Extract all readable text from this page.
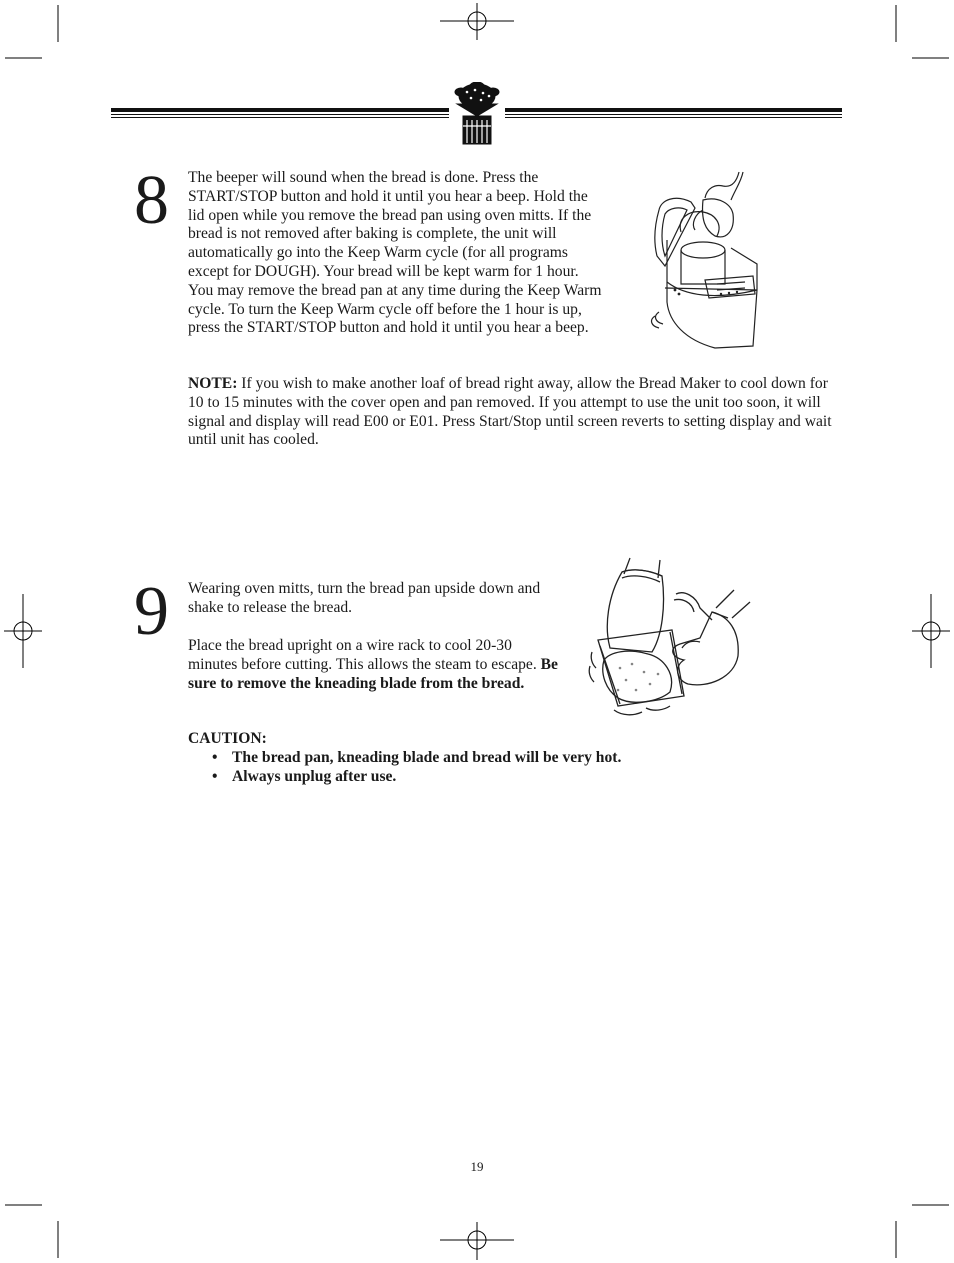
8 The beeper will sound when the bread is done. Press the START/STOP button and hold it until you hear a beep. Hold the lid open while you remove the bread pan using oven mitts. If the bread is not removed after baking is complete, the unit will automatically go into the Keep Warm cycle (for all programs except for DOUGH). Your bread will be kept warm for 1 hour. You may remove the bread pan at any time during the Keep Warm cycle. To turn the Keep Warm cycle off before the 1 hour is up, press the START/STOP button and hold it until you hear a beep.

NOTE: If you wish to make another loaf of bread right away, allow the Bread Maker to cool down for 10 to 15 minutes with the cover open and pan removed. If you attempt to use the unit too soon, it will signal and display will read E00 or E01. Press Start/Stop until screen reverts to setting display and wait until unit has cooled.

9 Wearing oven mitts, turn the bread pan upside down and shake to release the bread.

Place the bread upright on a wire rack to cool 20-30 minutes before cutting. This allows the steam to escape. Be sure to remove the kneading blade from the bread.

CAUTION:
• The bread pan, kneading blade and bread will be very hot.
• Always unplug after use.
19
